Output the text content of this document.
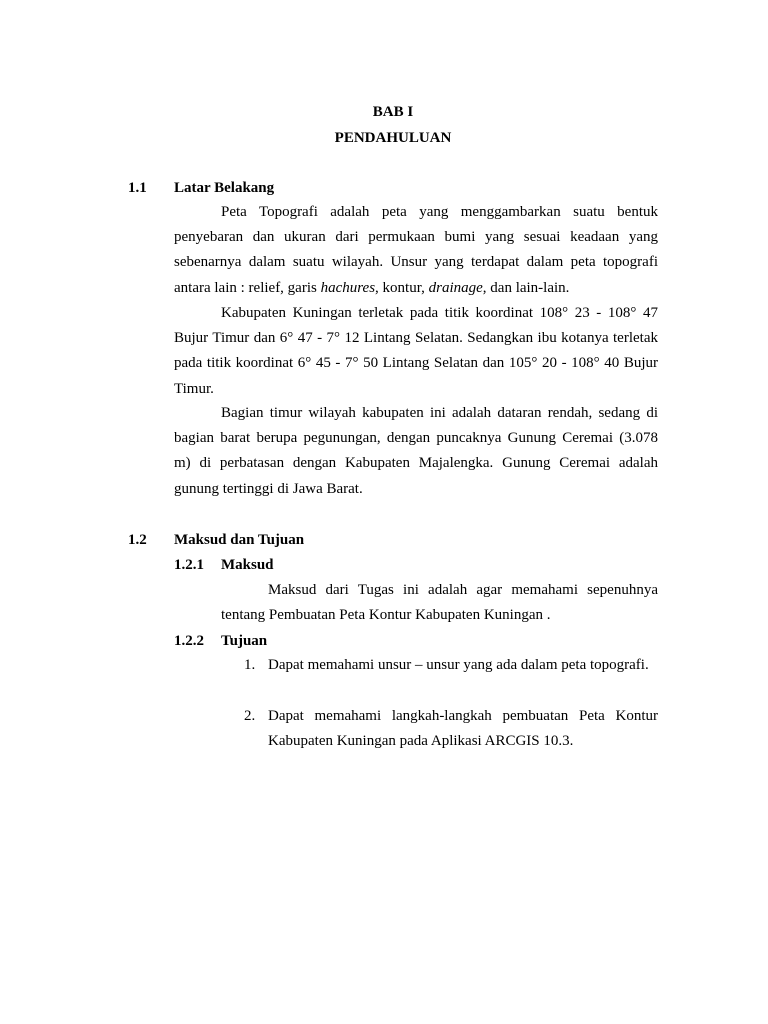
BAB I
PENDAHULUAN
1.1 Latar Belakang
Peta Topografi adalah peta yang menggambarkan suatu bentuk penyebaran dan ukuran dari permukaan bumi yang sesuai keadaan yang sebenarnya dalam suatu wilayah. Unsur yang terdapat dalam peta topografi antara lain : relief, garis hachures, kontur, drainage, dan lain-lain.
Kabupaten Kuningan terletak pada titik koordinat 108° 23 - 108° 47 Bujur Timur dan 6° 47 - 7° 12 Lintang Selatan. Sedangkan ibu kotanya terletak pada titik koordinat 6° 45 - 7° 50 Lintang Selatan dan 105° 20 - 108° 40 Bujur Timur.
Bagian timur wilayah kabupaten ini adalah dataran rendah, sedang di bagian barat berupa pegunungan, dengan puncaknya Gunung Ceremai (3.078 m) di perbatasan dengan Kabupaten Majalengka. Gunung Ceremai adalah gunung tertinggi di Jawa Barat.
1.2 Maksud dan Tujuan
1.2.1 Maksud
Maksud dari Tugas ini adalah agar memahami sepenuhnya tentang Pembuatan Peta Kontur Kabupaten Kuningan .
1.2.2 Tujuan
1. Dapat memahami unsur – unsur yang ada dalam peta topografi.
2. Dapat memahami langkah-langkah pembuatan Peta Kontur Kabupaten Kuningan pada Aplikasi ARCGIS 10.3.
